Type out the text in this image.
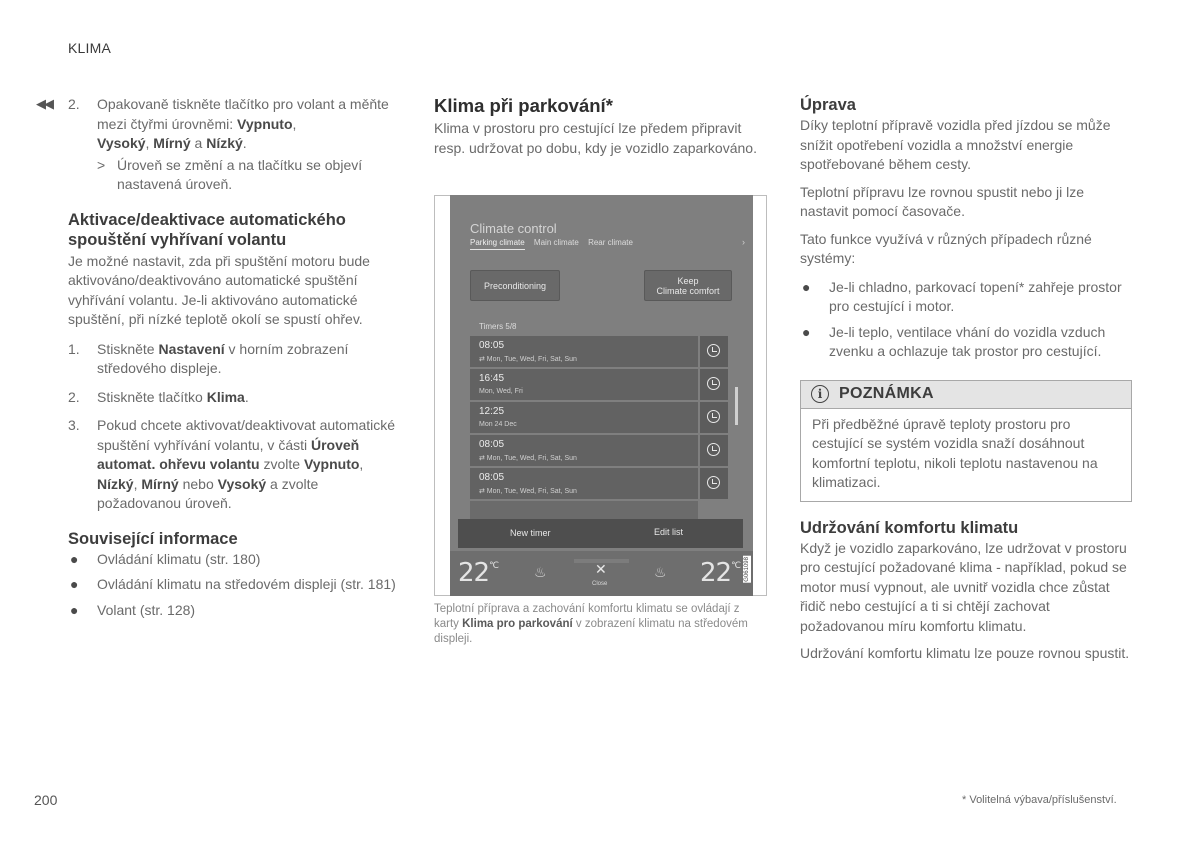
KLIMA
◀◀ 2. Opakovaně tiskněte tlačítko pro volant a měňte mezi čtyřmi úrovněmi: Vypnuto,
Vysoký, Mírný a Nízký.
> Úroveň se změní a na tlačítku se objeví nastavená úroveň.
Aktivace/deaktivace automatického spouštění vyhřívaní volantu

Je možné nastavit, zda při spuštění motoru bude aktivováno/deaktivováno automatické spuštění vyhřívání volantu. Je-li aktivováno automatické spuštění, při nízké teplotě okolí se spustí ohřev.

1. Stiskněte Nastavení v horním zobrazení středového displeje.
2. Stiskněte tlačítko Klima.
3. Pokud chcete aktivovat/deaktivovat automatické spuštění vyhřívání volantu, v části Úroveň automat. ohřevu volantu zvolte Vypnuto, Nízký, Mírný nebo Vysoký a zvolte požadovanou úroveň.
Související informace
● Ovládání klimatu (str. 180)
● Ovládání klimatu na středovém displeji (str. 181)
● Volant (str. 128)
Klima při parkování*

Klima v prostoru pro cestující lze předem připravit resp. udržovat po dobu, kdy je vozidlo zaparkováno.

Climate control
Parking climate Main climate Rear climate	›
Preconditioning	Keep
Climate comfort
Timers 5/8
08:05
⇄ Mon, Tue, Wed, Fri, Sat, Sun
16:45
Mon, Wed, Fri
12:25
Mon 24 Dec
08:05
⇄ Mon, Tue, Wed, Fri, Sat, Sun
08:05
⇄ Mon, Tue, Wed, Fri, Sat, Sun
New timer	Edit list
$22^{^\circ C}$	♨	✕
Close
♨ $22^{^\circ C}$ G061098
Teplotní příprava a zachování komfortu klimatu se ovládají z karty Klima pro parkování v zobrazení klimatu na středovém displeji.
Úprava

Díky teplotní přípravě vozidla před jízdou se může snížit opotřebení vozidla a množství energie spotřebované během cesty.

Teplotní přípravu lze rovnou spustit nebo ji lze nastavit pomocí časovače.

Tato funkce využívá v různých případech různé systémy:

● Je-li chladno, parkovací topení* zahřeje prostor pro cestující i motor.
● Je-li teplo, ventilace vhání do vozidla vzduch zvenku a ochlazuje tak prostor pro cestující.
i	POZNÁMKA

Při předběžné úpravě teploty prostoru pro cestující se systém vozidla snaží dosáhnout komfortní teplotu, nikoli teplotu nastavenou na klimatizaci.

Udržování komfortu klimatu

Když je vozidlo zaparkováno, lze udržovat v prostoru pro cestující požadované klima - například, pokud se motor musí vypnout, ale uvnitř vozidla chce zůstat řidič nebo cestující a ti si chtějí zachovat požadovanou míru komfortu klimatu.

Udržování komfortu klimatu lze pouze rovnou spustit.

200	* Volitelná výbava/příslušenství.
